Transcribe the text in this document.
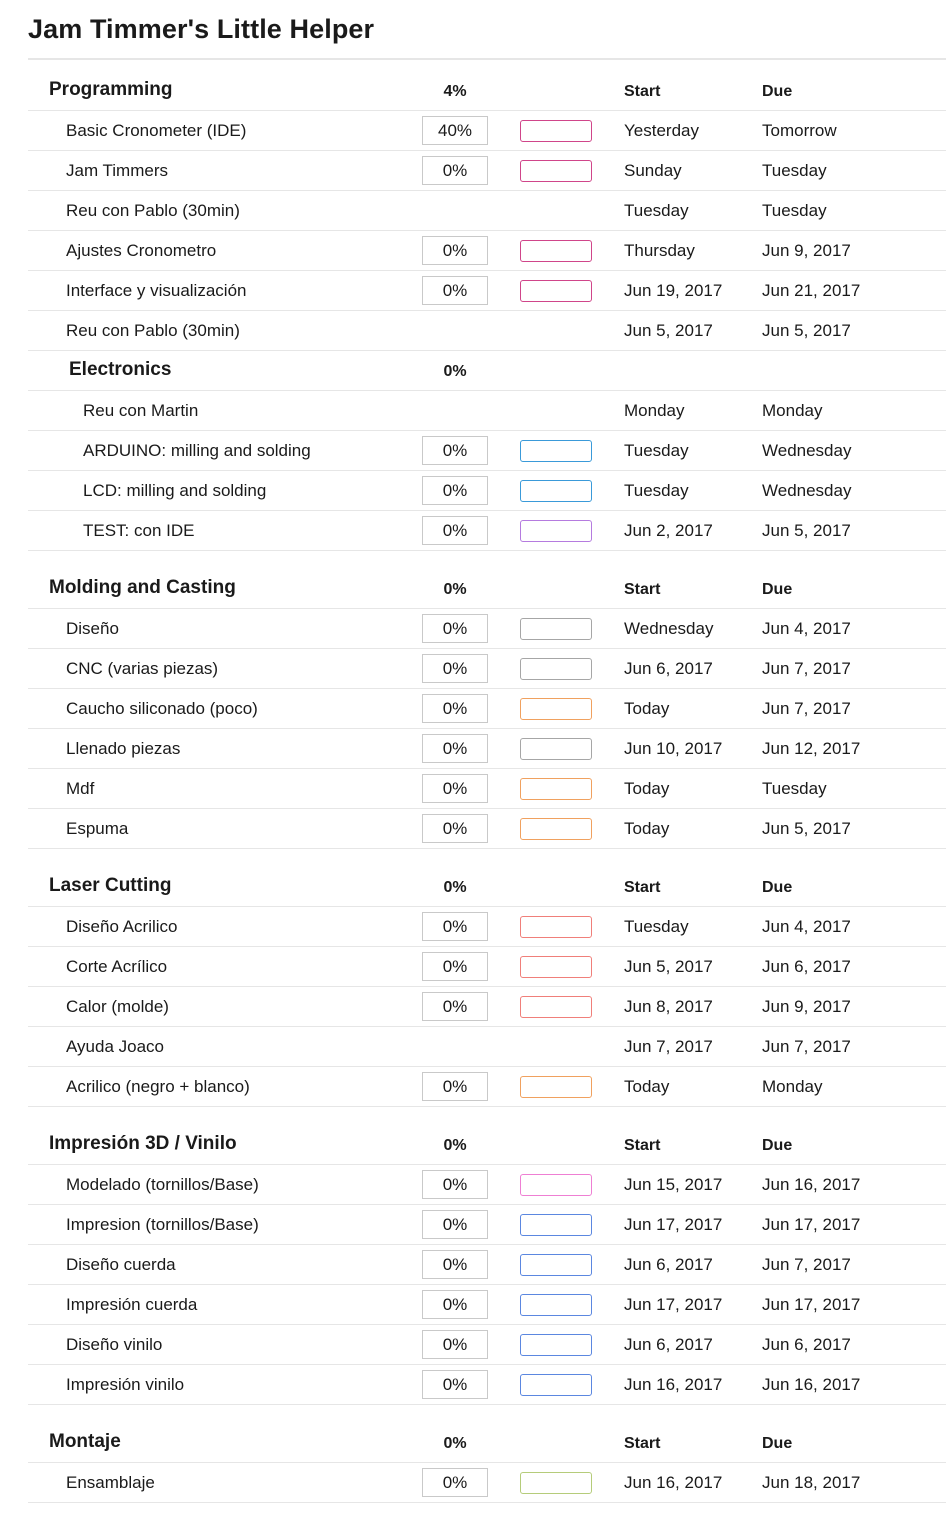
Jam Timmer's Little Helper
Programming	4%	Start	Due
Basic Cronometer (IDE)	40%	Yesterday	Tomorrow
Jam Timmers	0%	Sunday	Tuesday
Reu con Pablo (30min)	Tuesday	Tuesday
Ajustes Cronometro	0%	Thursday	Jun 9, 2017
Interface y visualización	0%	Jun 19, 2017 Jun 21, 2017
Reu con Pablo (30min)	Jun 5, 2017	Jun 5, 2017
Electronics	0%
Reu con Martin	Monday	Monday
ARDUINO: milling and solding	0%	Tuesday	Wednesday
LCD: milling and solding	0%	Tuesday	Wednesday
TEST: con IDE	0%	Jun 2, 2017	Jun 5, 2017
Molding and Casting	0%	Start	Due
Diseño	0%	Wednesday	Jun 4, 2017
CNC (varias piezas)	0%	Jun 6, 2017	Jun 7, 2017
Caucho siliconado (poco)	0%	Today	Jun 7, 2017
Llenado piezas	0%	Jun 10, 2017 Jun 12, 2017
Mdf	0%	Today	Tuesday
Espuma	0%	Today	Jun 5, 2017
Laser Cutting	0%	Start	Due
Diseño Acrilico	0%	Tuesday	Jun 4, 2017
Corte Acrílico	0%	Jun 5, 2017	Jun 6, 2017
Calor (molde)	0%	Jun 8, 2017	Jun 9, 2017
Ayuda Joaco	Jun 7, 2017	Jun 7, 2017
Acrilico (negro + blanco)	0%	Today	Monday
Impresión 3D / Vinilo	0%	Start	Due
Modelado (tornillos/Base)	0%	Jun 15, 2017 Jun 16, 2017
Impresion (tornillos/Base)	0%	Jun 17, 2017 Jun 17, 2017
Diseño cuerda	0%	Jun 6, 2017	Jun 7, 2017
Impresión cuerda	0%	Jun 17, 2017 Jun 17, 2017
Diseño vinilo	0%	Jun 6, 2017	Jun 6, 2017
Impresión vinilo	0%	Jun 16, 2017 Jun 16, 2017
Montaje	0%	Start	Due
Ensamblaje	0%	Jun 16, 2017 Jun 18, 2017
